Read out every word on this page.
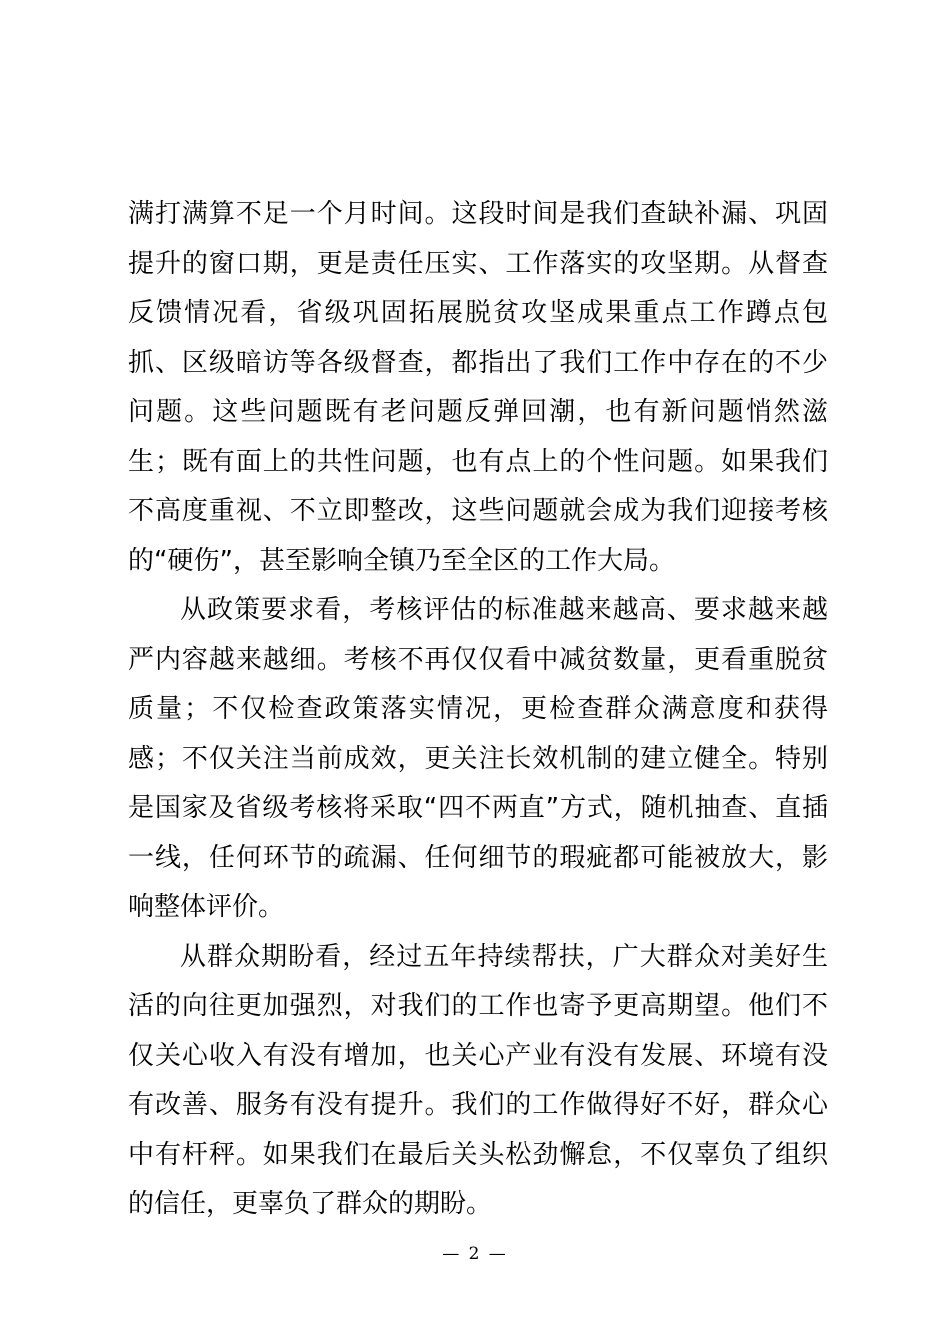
满打满算不足一个月时间。这段时间是我们查缺补漏、巩固提升的窗口期，更是责任压实、工作落实的攻坚期。从督查反馈情况看，省级巩固拓展脱贫攻坚成果重点工作蹲点包抓、区级暗访等各级督查，都指出了我们工作中存在的不少问题。这些问题既有老问题反弹回潮，也有新问题悄然滋生；既有面上的共性问题，也有点上的个性问题。如果我们不高度重视、不立即整改，这些问题就会成为我们迎接考核的“硬伤”，甚至影响全镇乃至全区的工作大局。

从政策要求看，考核评估的标准越来越高、要求越来越严内容越来越细。考核不再仅仅看中减贫数量，更看重脱贫质量；不仅检查政策落实情况，更检查群众满意度和获得感；不仅关注当前成效，更关注长效机制的建立健全。特别是国家及省级考核将采取“四不两直”方式，随机抽查、直插一线，任何环节的疏漏、任何细节的瑕疵都可能被放大，影响整体评价。

从群众期盼看，经过五年持续帮扶，广大群众对美好生活的向往更加强烈，对我们的工作也寄予更高期望。他们不仅关心收入有没有增加，也关心产业有没有发展、环境有没有改善、服务有没有提升。我们的工作做得好不好，群众心中有杆秤。如果我们在最后关头松劲懈怠，不仅辜负了组织的信任，更辜负了群众的期盼。

— 2 —
